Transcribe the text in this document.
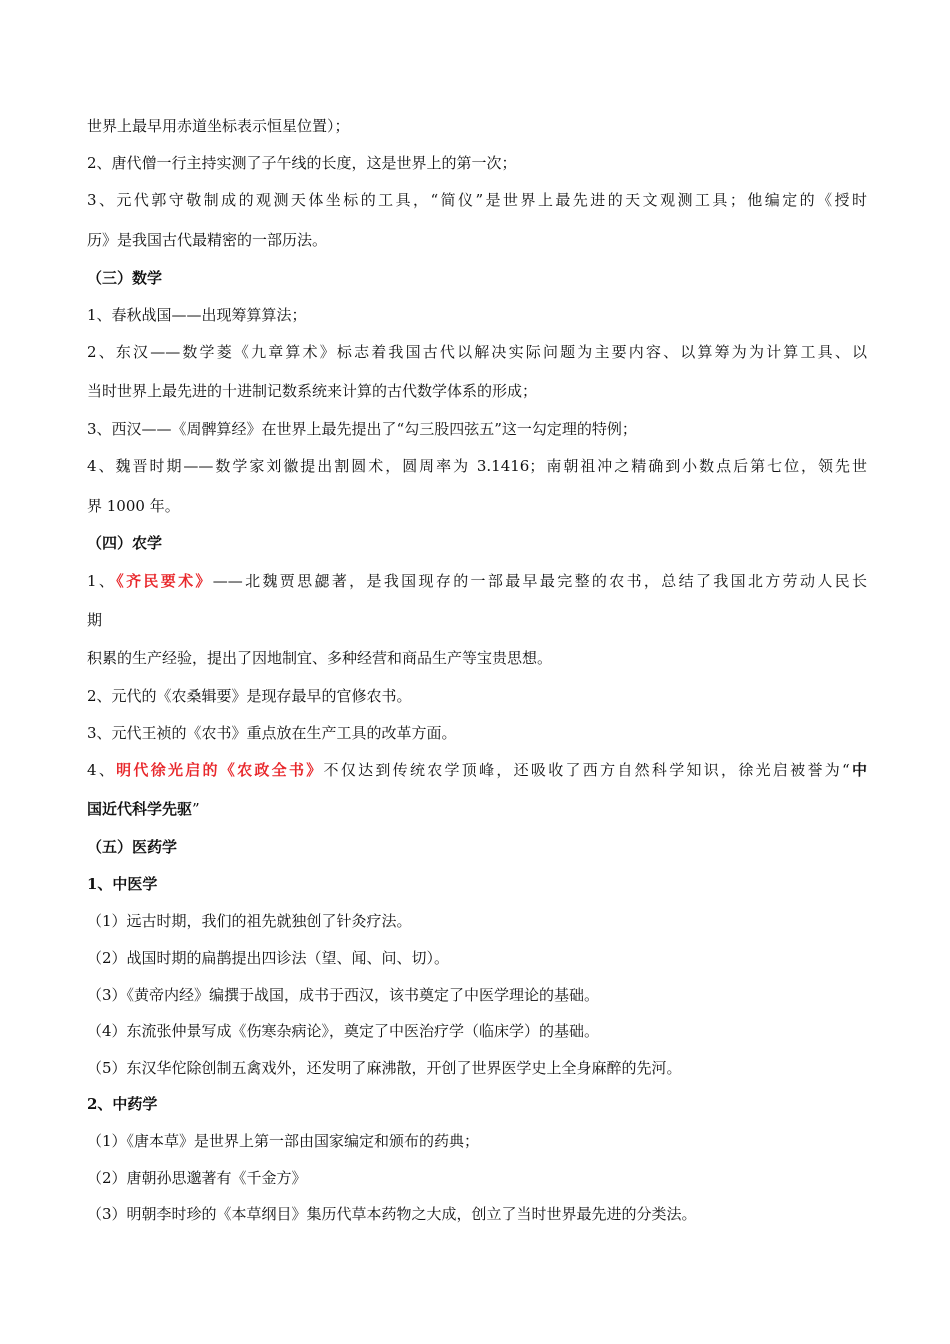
世界上最早用赤道坐标表示恒星位置）；
2、唐代僧一行主持实测了子午线的长度，这是世界上的第一次；
3、元代郭守敬制成的观测天体坐标的工具，“简仪”是世界上最先进的天文观测工具；他编定的《授时
历》是我国古代最精密的一部历法。
（三）数学
1、春秋战国——出现筹算算法；
2、东汉——数学菱《九章算术》标志着我国古代以解决实际问题为主要内容、以算筹为为计算工具、以
当时世界上最先进的十进制记数系统来计算的古代数学体系的形成；
3、西汉——《周髀算经》在世界上最先提出了“勾三股四弦五”这一勾定理的特例；
4、魏晋时期——数学家刘徽提出割圆术，圆周率为 3.1416；南朝祖冲之精确到小数点后第七位，领先世
界 1000 年。
（四）农学
1、《齐民要术》——北魏贾思勰著，是我国现存的一部最早最完整的农书，总结了我国北方劳动人民长
期
积累的生产经验，提出了因地制宜、多种经营和商品生产等宝贵思想。
2、元代的《农桑辑要》是现存最早的官修农书。
3、元代王祯的《农书》重点放在生产工具的改革方面。
4、明代徐光启的《农政全书》不仅达到传统农学顶峰，还吸收了西方自然科学知识，徐光启被誉为“中
国近代科学先驱”
（五）医药学
1、中医学
（1）远古时期，我们的祖先就独创了针灸疗法。
（2）战国时期的扁鹊提出四诊法（望、闻、问、切）。
（3）《黄帝内经》编撰于战国，成书于西汉，该书奠定了中医学理论的基础。
（4）东流张仲景写成《伤寒杂病论》，奠定了中医治疗学（临床学）的基础。
（5）东汉华佗除创制五禽戏外，还发明了麻沸散，开创了世界医学史上全身麻醉的先河。
2、中药学
（1）《唐本草》是世界上第一部由国家编定和颁布的药典；
（2）唐朝孙思邈著有《千金方》
（3）明朝李时珍的《本草纲目》集历代草本药物之大成，创立了当时世界最先进的分类法。
